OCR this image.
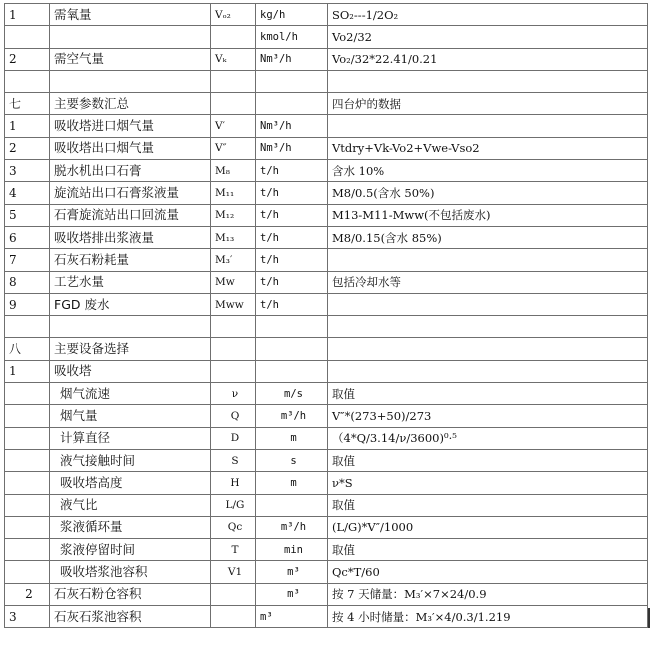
1	需氧量	Vₒ₂	kg/h	SO₂---1/2O₂
			kmol/h	Vo2/32
2	需空气量	Vₖ	Nm³/h	Vo₂/32*22.41/0.21

七	主要参数汇总			四台炉的数据
1	吸收塔进口烟气量	V′	Nm³/h	
2	吸收塔出口烟气量	V″	Nm³/h	Vtdry+Vk-Vo2+Vwe-Vso2
3	脱水机出口石膏	M₈	t/h	含水 10%
4	旋流站出口石膏浆液量	M₁₁	t/h	M8/0.5(含水 50%)
5	石膏旋流站出口回流量	M₁₂	t/h	M13-M11-Mww(不包括废水)
6	吸收塔排出浆液量	M₁₃	t/h	M8/0.15(含水 85%)
7	石灰石粉耗量	M₃′	t/h	
8	工艺水量	Mw	t/h	包括冷却水等
9	FGD 废水	Mww	t/h	

八	主要设备选择			
1	吸收塔			
	烟气流速	ν	m/s	取值
	烟气量	Q	m³/h	V″*(273+50)/273
	计算直径	D	m	（4*Q/3.14/ν/3600)⁰·⁵
	液气接触时间	S	s	取值
	吸收塔高度	H	m	ν*S
	液气比	L/G		取值
	浆液循环量	Qc	m³/h	(L/G)*V″/1000
	浆液停留时间	T	min	取值
	吸收塔浆池容积	V1	m³	Qc*T/60
2	石灰石粉仓容积		m³	按 7 天储量：M₃′×7×24/0.9
3	石灰石浆池容积		m³	按 4 小时储量：M₃′×4/0.3/1.219
